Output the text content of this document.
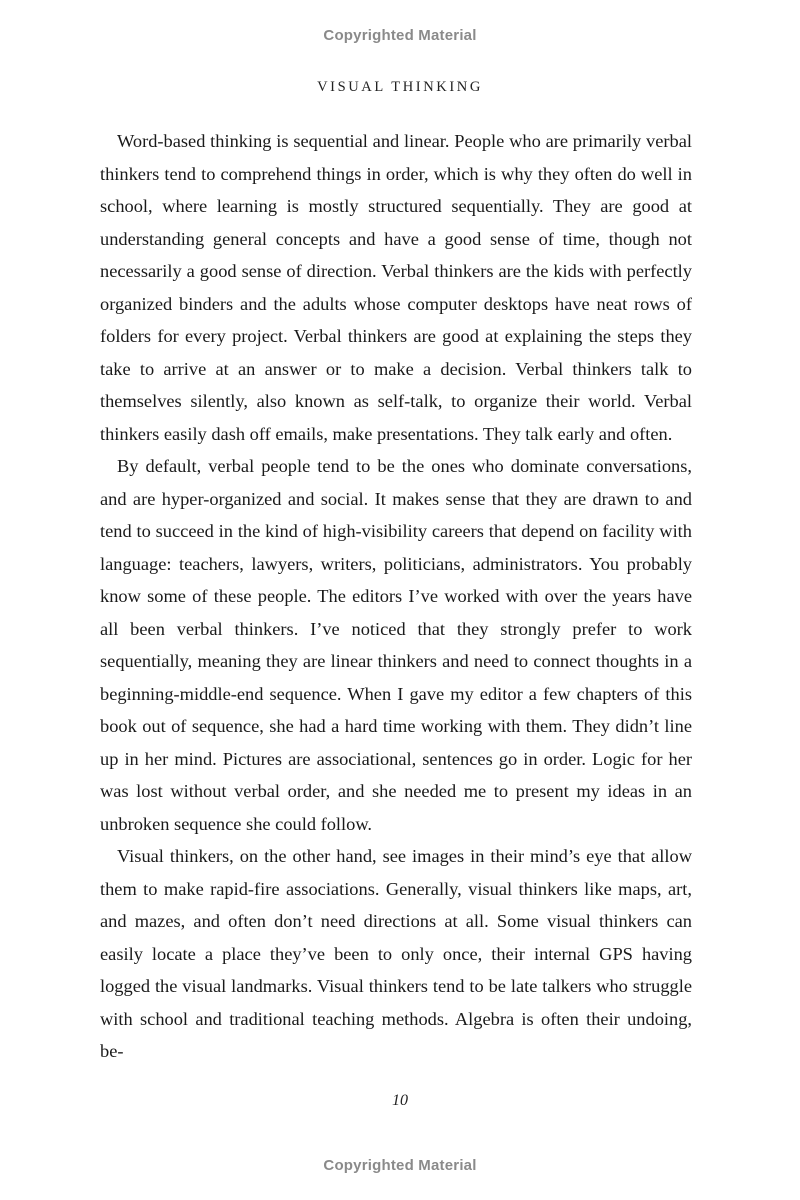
Copyrighted Material
VISUAL THINKING

Word-based thinking is sequential and linear. People who are primarily verbal thinkers tend to comprehend things in order, which is why they often do well in school, where learning is mostly structured sequentially. They are good at understanding general concepts and have a good sense of time, though not necessarily a good sense of direction. Verbal thinkers are the kids with perfectly organized binders and the adults whose computer desktops have neat rows of folders for every project. Verbal thinkers are good at explaining the steps they take to arrive at an answer or to make a decision. Verbal thinkers talk to themselves silently, also known as self-talk, to organize their world. Verbal thinkers easily dash off emails, make presentations. They talk early and often.

By default, verbal people tend to be the ones who dominate conversations, and are hyper-organized and social. It makes sense that they are drawn to and tend to succeed in the kind of high-visibility careers that depend on facility with language: teachers, lawyers, writers, politicians, administrators. You probably know some of these people. The editors I’ve worked with over the years have all been verbal thinkers. I’ve noticed that they strongly prefer to work sequentially, meaning they are linear thinkers and need to connect thoughts in a beginning-middle-end sequence. When I gave my editor a few chapters of this book out of sequence, she had a hard time working with them. They didn’t line up in her mind. Pictures are associational, sentences go in order. Logic for her was lost without verbal order, and she needed me to present my ideas in an unbroken sequence she could follow.

Visual thinkers, on the other hand, see images in their mind’s eye that allow them to make rapid-fire associations. Generally, visual thinkers like maps, art, and mazes, and often don’t need directions at all. Some visual thinkers can easily locate a place they’ve been to only once, their internal GPS having logged the visual landmarks. Visual thinkers tend to be late talkers who struggle with school and traditional teaching methods. Algebra is often their undoing, be-

10
Copyrighted Material
